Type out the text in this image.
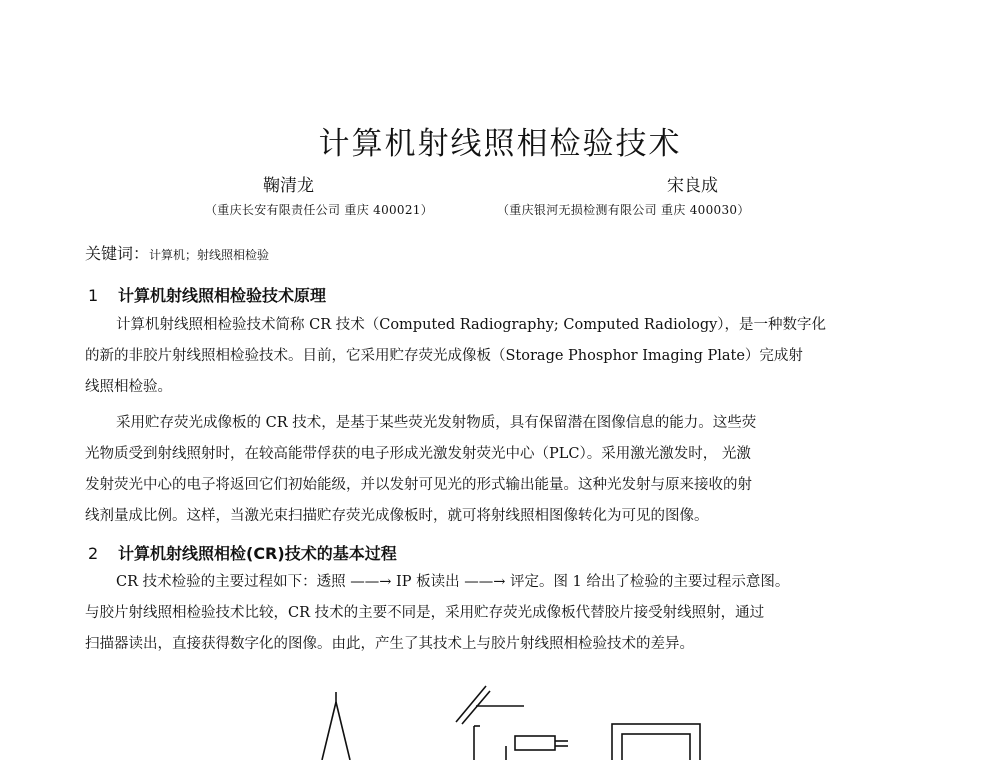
计算机射线照相检验技术
鞠清龙	宋良成
（重庆长安有限责任公司 重庆 400021）	（重庆银河无损检测有限公司 重庆 400030）
关键词：计算机；射线照相检验
1 计算机射线照相检验技术原理
计算机射线照相检验技术简称 CR 技术（Computed Radiography; Computed Radiology），是一种数字化
的新的非胶片射线照相检验技术。目前，它采用贮存荧光成像板（Storage Phosphor Imaging Plate）完成射
线照相检验。
采用贮存荧光成像板的 CR 技术，是基于某些荧光发射物质，具有保留潜在图像信息的能力。这些荧
光物质受到射线照射时，在较高能带俘获的电子形成光激发射荧光中心（PLC）。采用激光激发时， 光激
发射荧光中心的电子将返回它们初始能级，并以发射可见光的形式输出能量。这种光发射与原来接收的射
线剂量成比例。这样，当激光束扫描贮存荧光成像板时，就可将射线照相图像转化为可见的图像。
2 计算机射线照相检(CR)技术的基本过程
CR 技术检验的主要过程如下：透照 ——→ IP 板读出 ——→ 评定。图 1 给出了检验的主要过程示意图。
与胶片射线照相检验技术比较，CR 技术的主要不同是，采用贮存荧光成像板代替胶片接受射线照射，通过
扫描器读出，直接获得数字化的图像。由此，产生了其技术上与胶片射线照相检验技术的差异。
